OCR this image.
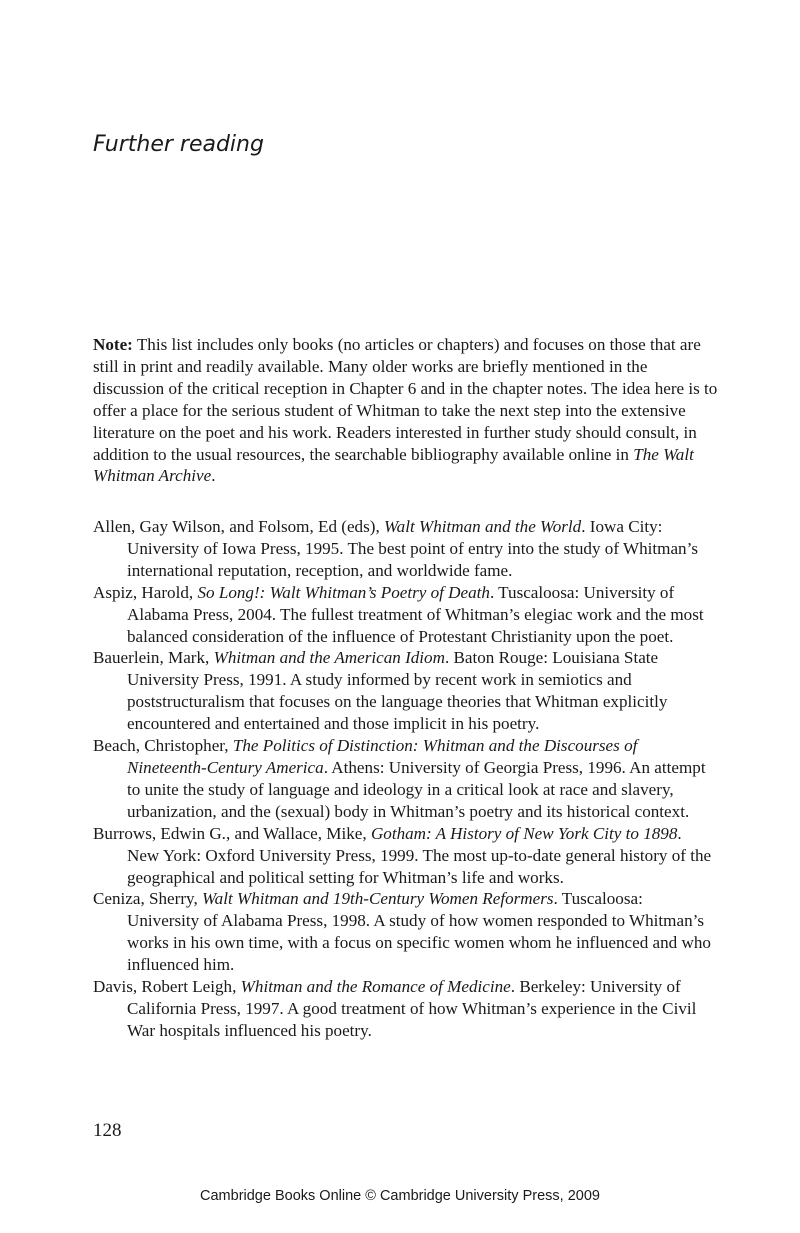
Further reading

Note: This list includes only books (no articles or chapters) and focuses on those that are still in print and readily available. Many older works are briefly mentioned in the discussion of the critical reception in Chapter 6 and in the chapter notes. The idea here is to offer a place for the serious student of Whitman to take the next step into the extensive literature on the poet and his work. Readers interested in further study should consult, in addition to the usual resources, the searchable bibliography available online in The Walt Whitman Archive.

Allen, Gay Wilson, and Folsom, Ed (eds), Walt Whitman and the World. Iowa City: University of Iowa Press, 1995. The best point of entry into the study of Whitman’s international reputation, reception, and worldwide fame.
Aspiz, Harold, So Long!: Walt Whitman’s Poetry of Death. Tuscaloosa: University of Alabama Press, 2004. The fullest treatment of Whitman’s elegiac work and the most balanced consideration of the influence of Protestant Christianity upon the poet.
Bauerlein, Mark, Whitman and the American Idiom. Baton Rouge: Louisiana State University Press, 1991. A study informed by recent work in semiotics and poststructuralism that focuses on the language theories that Whitman explicitly encountered and entertained and those implicit in his poetry.
Beach, Christopher, The Politics of Distinction: Whitman and the Discourses of Nineteenth-Century America. Athens: University of Georgia Press, 1996. An attempt to unite the study of language and ideology in a critical look at race and slavery, urbanization, and the (sexual) body in Whitman’s poetry and its historical context.
Burrows, Edwin G., and Wallace, Mike, Gotham: A History of New York City to 1898. New York: Oxford University Press, 1999. The most up-to-date general history of the geographical and political setting for Whitman’s life and works.
Ceniza, Sherry, Walt Whitman and 19th-Century Women Reformers. Tuscaloosa: University of Alabama Press, 1998. A study of how women responded to Whitman’s works in his own time, with a focus on specific women whom he influenced and who influenced him.
Davis, Robert Leigh, Whitman and the Romance of Medicine. Berkeley: University of California Press, 1997. A good treatment of how Whitman’s experience in the Civil War hospitals influenced his poetry.
128
Cambridge Books Online © Cambridge University Press, 2009
